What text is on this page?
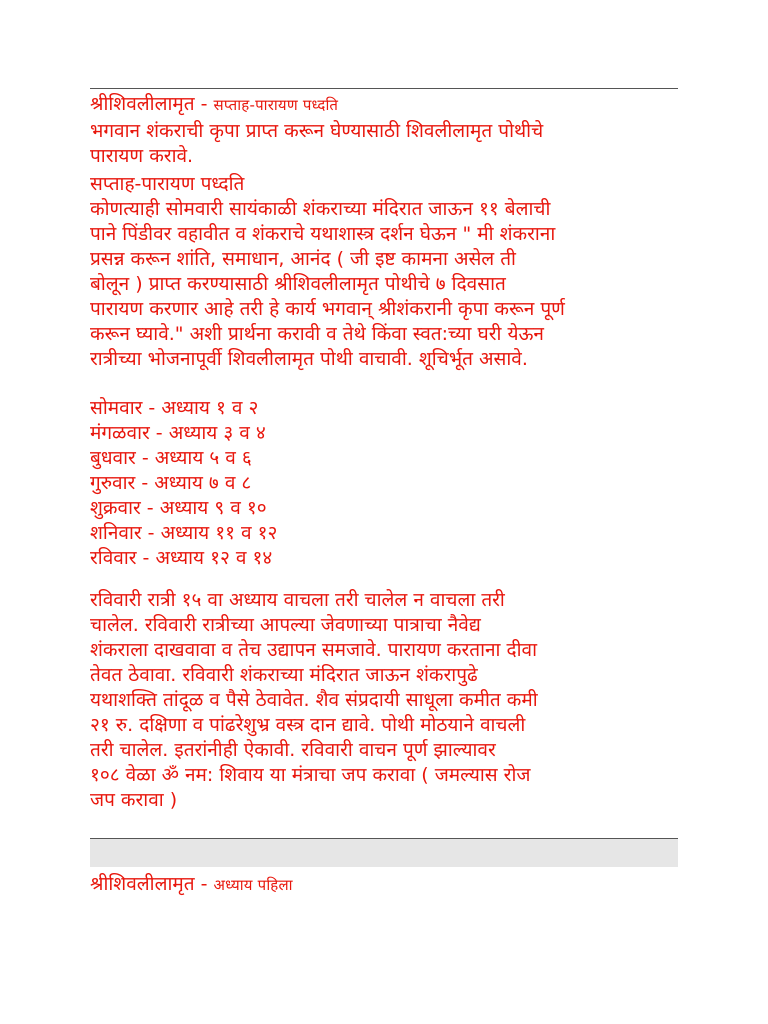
श्रीशिवलीलामृत - सप्ताह-पारायण पध्दति
भगवान शंकराची कृपा प्राप्त करून घेण्यासाठी शिवलीलामृत पोथीचे
पारायण करावे.
सप्ताह-पारायण पध्दति
कोणत्याही सोमवारी सायंकाळी शंकराच्या मंदिरात जाऊन ११ बेलाची
पाने पिंडीवर वहावीत व शंकराचे यथाशास्त्र दर्शन घेऊन " मी शंकराना
प्रसन्न करून शांति, समाधान, आनंद ( जी इष्ट कामना असेल ती
बोलून ) प्राप्त करण्यासाठी श्रीशिवलीलामृत पोथीचे ७ दिवसात
पारायण करणार आहे तरी हे कार्य भगवान् श्रीशंकरानी कृपा करून पूर्ण
करून घ्यावे." अशी प्रार्थना करावी व तेथे किंवा स्वत:च्या घरी येऊन
रात्रीच्या भोजनापूर्वी शिवलीलामृत पोथी वाचावी. शूचिर्भूत असावे.
सोमवार - अध्याय १ व २
मंगळवार - अध्याय ३ व ४
बुधवार - अध्याय ५ व ६
गुरुवार - अध्याय ७ व ८
शुक्रवार - अध्याय ९ व १०
शनिवार - अध्याय ११ व १२
रविवार - अध्याय १२ व १४
रविवारी रात्री १५ वा अध्याय वाचला तरी चालेल न वाचला तरी
चालेल. रविवारी रात्रीच्या आपल्या जेवणाच्या पात्राचा नैवेद्य
शंकराला दाखवावा व तेच उद्यापन समजावे. पारायण करताना दीवा
तेवत ठेवावा. रविवारी शंकराच्या मंदिरात जाऊन शंकरापुढे
यथाशक्ति तांदूळ व पैसे ठेवावेत. शैव संप्रदायी साधूला कमीत कमी
२१ रु. दक्षिणा व पांढरेशुभ्र वस्त्र दान द्यावे. पोथी मोठयाने वाचली
तरी चालेल. इतरांनीही ऐकावी. रविवारी वाचन पूर्ण झाल्यावर
१०८ वेळा ॐ नम: शिवाय या मंत्राचा जप करावा ( जमल्यास रोज
जप करावा )
श्रीशिवलीलामृत - अध्याय पहिला
